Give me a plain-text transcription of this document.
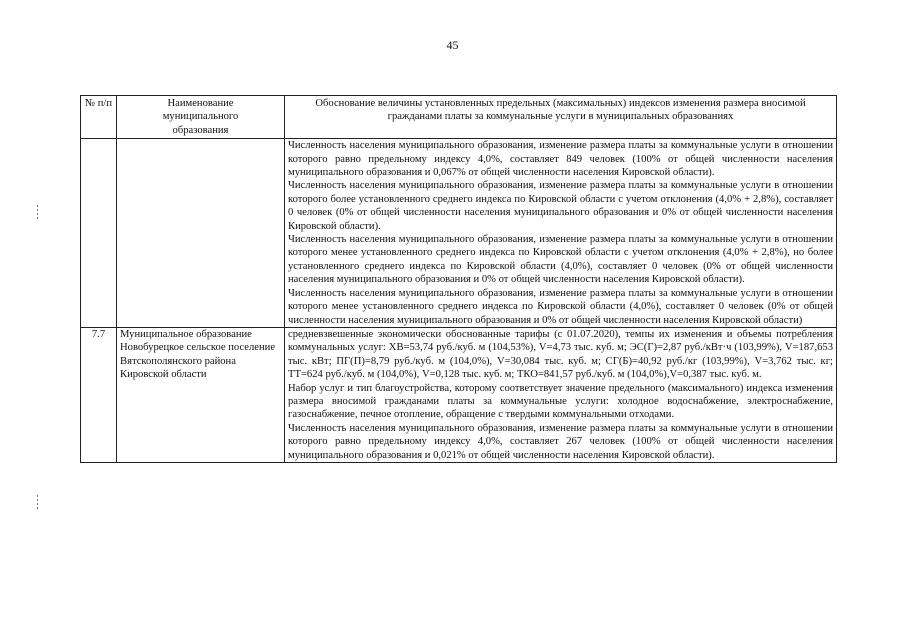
45
№ п/п	Наименование муниципального образования	Обоснование величины установленных предельных (максимальных) индексов изменения размера вносимой гражданами платы за коммунальные услуги в муниципальных образованиях

		Численность населения муниципального образования, изменение размера платы за коммунальные услуги в отношении которого равно предельному индексу 4,0%, составляет 849 человек (100% от общей численности населения муниципального образования и 0,067% от общей численности населения Кировской области).
Численность населения муниципального образования, изменение размера платы за коммунальные услуги в отношении которого более установленного среднего индекса по Кировской области с учетом отклонения (4,0% + 2,8%), составляет 0 человек (0% от общей численности населения муниципального образования и 0% от общей численности населения Кировской области).
Численность населения муниципального образования, изменение размера платы за коммунальные услуги в отношении которого менее установленного среднего индекса по Кировской области с учетом отклонения (4,0% + 2,8%), но более установленного среднего индекса по Кировской области (4,0%), составляет 0 человек (0% от общей численности населения муниципального образования и 0% от общей численности населения Кировской области).
Численность населения муниципального образования, изменение размера платы за коммунальные услуги в отношении которого менее установленного среднего индекса по Кировской области (4,0%), составляет 0 человек (0% от общей численности населения муниципального образования и 0% от общей численности населения Кировской области)

7.7	Муниципальное образование Новобурецкое сельское поселение Вятскополянского района Кировской области	средневзвешенные экономически обоснованные тарифы (с 01.07.2020), темпы их изменения и объемы потребления коммунальных услуг: ХВ=53,74 руб./куб. м (104,53%), V=4,73 тыс. куб. м; ЭС(Г)=2,87 руб./кВт·ч (103,99%), V=187,653 тыс. кВт; ПГ(П)=8,79 руб./куб. м (104,0%), V=30,084 тыс. куб. м; СГ(Б)=40,92 руб./кг (103,99%), V=3,762 тыс. кг; ТТ=624 руб./куб. м (104,0%), V=0,128 тыс. куб. м; ТКО=841,57 руб./куб. м (104,0%),V=0,387 тыс. куб. м.
Набор услуг и тип благоустройства, которому соответствует значение предельного (максимального) индекса изменения размера вносимой гражданами платы за коммунальные услуги: холодное водоснабжение, электроснабжение, газоснабжение, печное отопление, обращение с твердыми коммунальными отходами.
Численность населения муниципального образования, изменение размера платы за коммунальные услуги в отношении которого равно предельному индексу 4,0%, составляет 267 человек (100% от общей численности населения муниципального образования и 0,021% от общей численности населения Кировской области).
